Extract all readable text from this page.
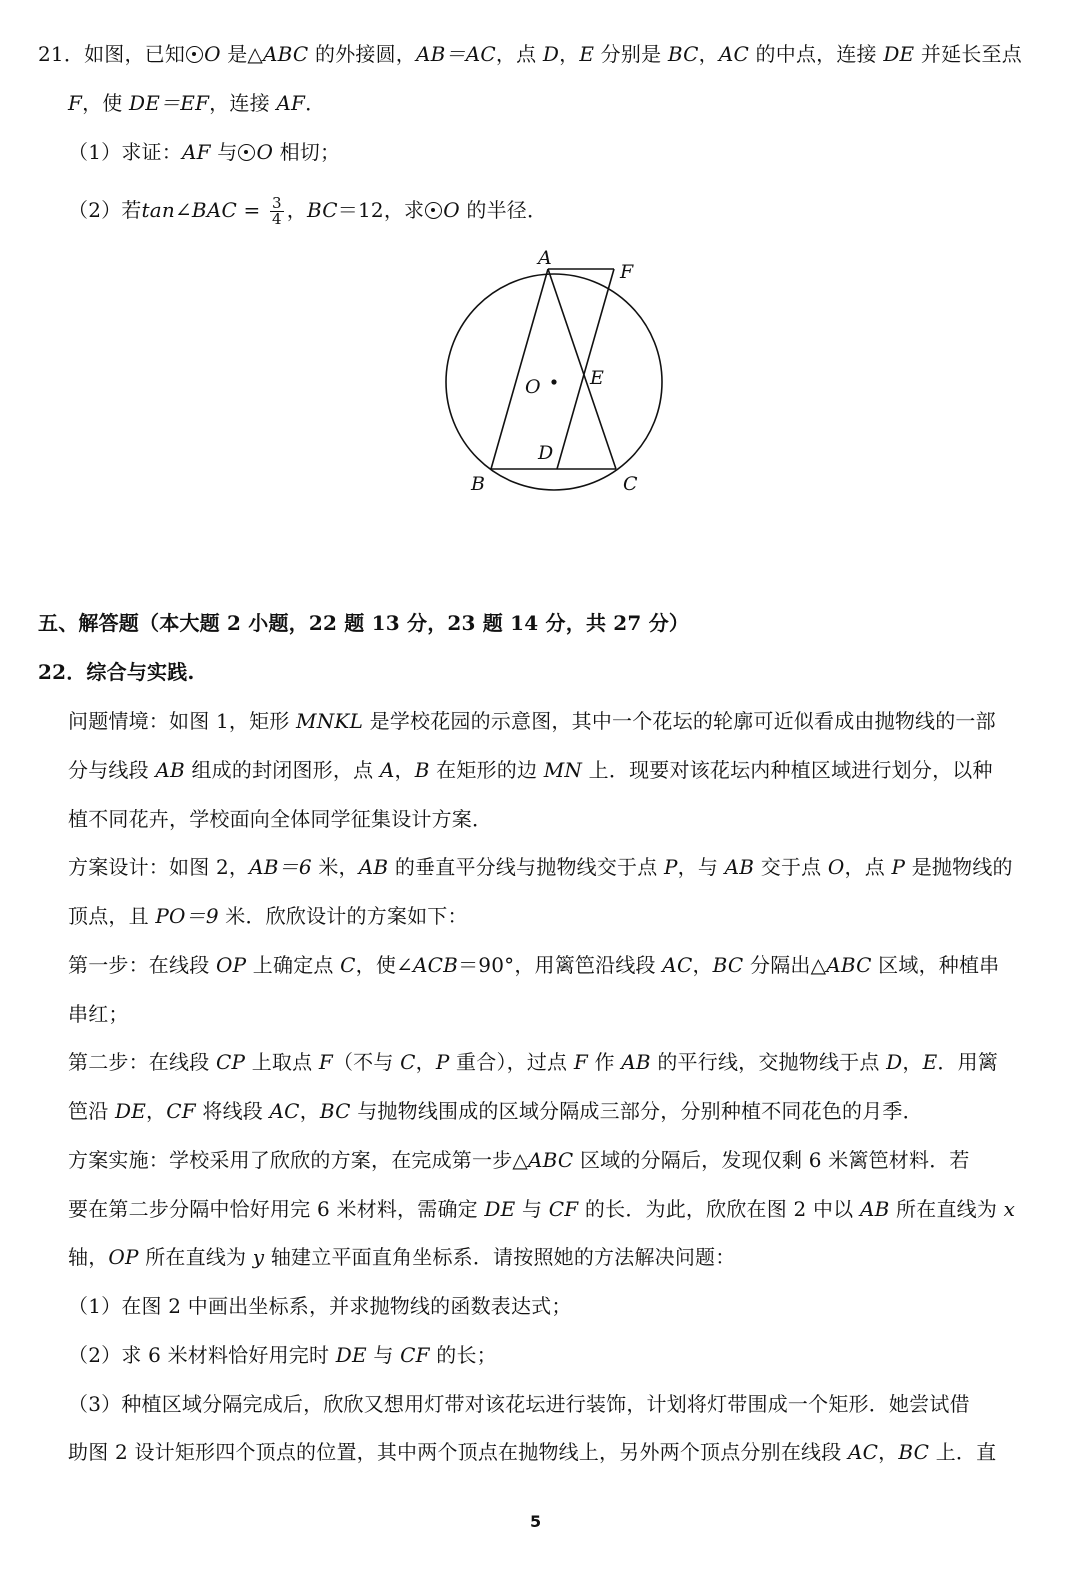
21．如图，已知 O 是△ABC 的外接圆，AB＝AC，点 D，E 分别是 BC，AC 的中点，连接 DE 并延长至点
F，使 DE＝EF，连接 AF．
（1）求证：AF 与 O 相切；
（2）若tan∠BAC = $\frac{3}{4}$ ，BC＝12，求 O 的半径．
A
F
O	E
D
B	C
五、解答题（本大题 2 小题，22 题 13 分，23 题 14 分，共 27 分）
22．综合与实践.
问题情境：如图 1，矩形 MNKL 是学校花园的示意图，其中一个花坛的轮廓可近似看成由抛物线的一部
分与线段 AB 组成的封闭图形，点 A，B 在矩形的边 MN 上．现要对该花坛内种植区域进行划分，以种
植不同花卉，学校面向全体同学征集设计方案．
方案设计：如图 2，AB＝6 米，AB 的垂直平分线与抛物线交于点 P，与 AB 交于点 O，点 P 是抛物线的
顶点，且 PO＝9 米．欣欣设计的方案如下：
第一步：在线段 OP 上确定点 C，使∠ACB＝90°，用篱笆沿线段 AC，BC 分隔出△ABC 区域，种植串
串红；
第二步：在线段 CP 上取点 F（不与 C，P 重合），过点 F 作 AB 的平行线，交抛物线于点 D，E．用篱
笆沿 DE，CF 将线段 AC，BC 与抛物线围成的区域分隔成三部分，分别种植不同花色的月季．
方案实施：学校采用了欣欣的方案，在完成第一步△ABC 区域的分隔后，发现仅剩 6 米篱笆材料．若
要在第二步分隔中恰好用完 6 米材料，需确定 DE 与 CF 的长．为此，欣欣在图 2 中以 AB 所在直线为 x
轴，OP 所在直线为 y 轴建立平面直角坐标系．请按照她的方法解决问题：
（1）在图 2 中画出坐标系，并求抛物线的函数表达式；
（2）求 6 米材料恰好用完时 DE 与 CF 的长；
（3）种植区域分隔完成后，欣欣又想用灯带对该花坛进行装饰，计划将灯带围成一个矩形．她尝试借
助图 2 设计矩形四个顶点的位置，其中两个顶点在抛物线上，另外两个顶点分别在线段 AC，BC 上．直
5
